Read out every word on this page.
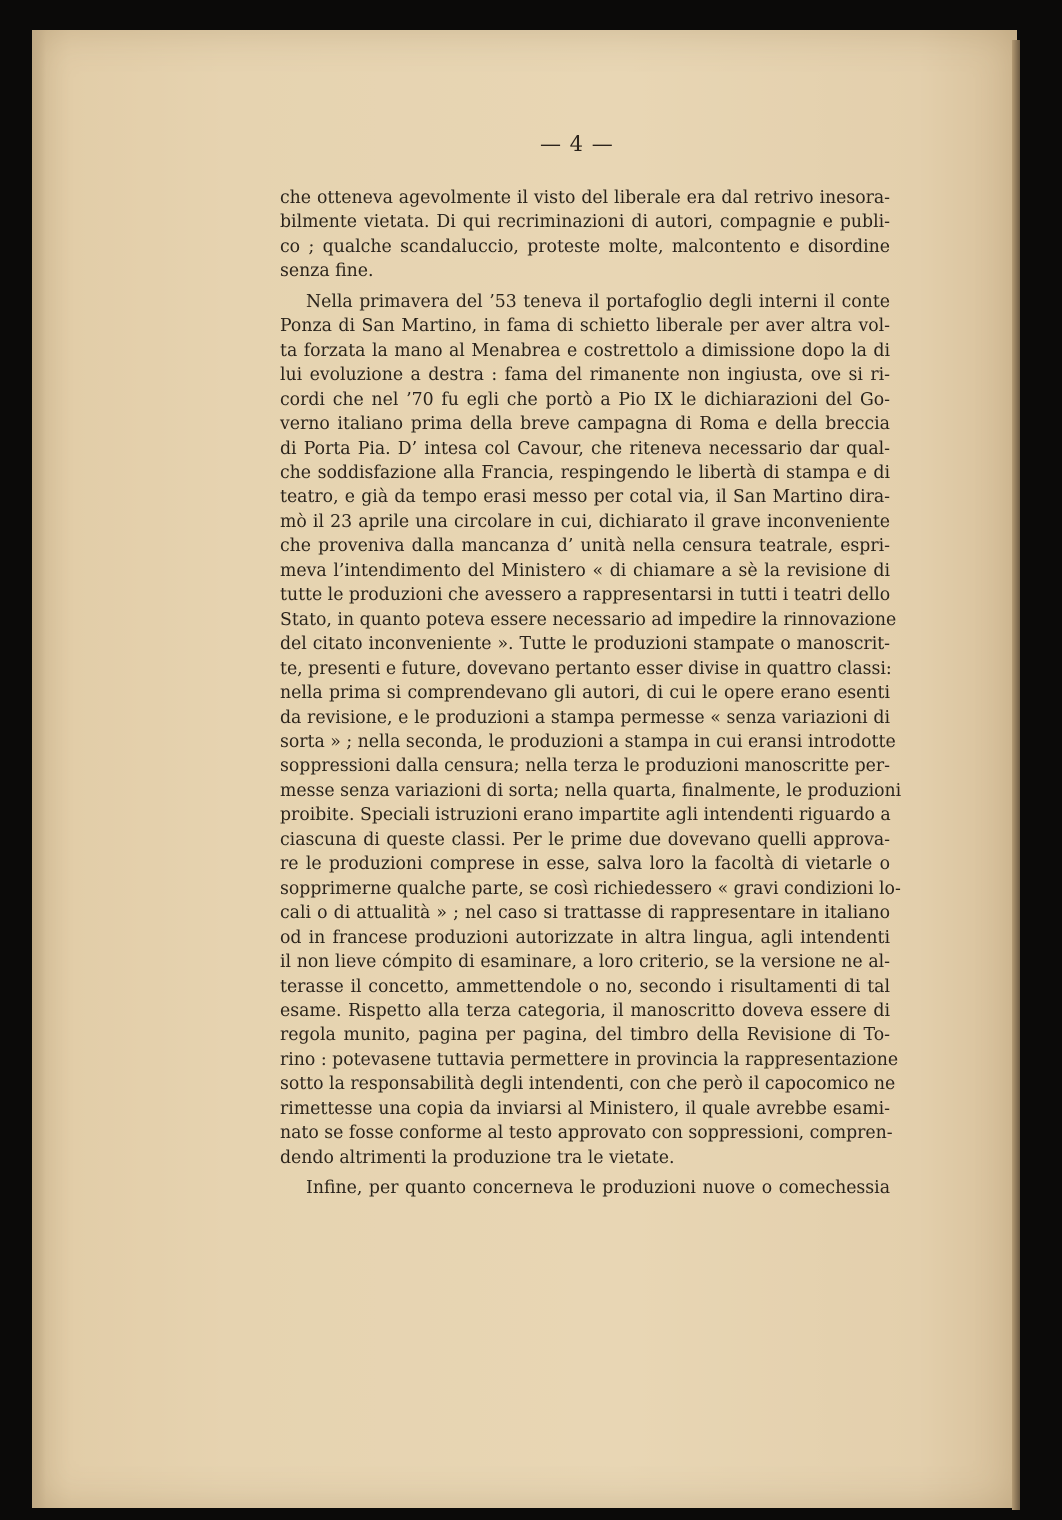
— 4 —
che otteneva agevolmente il visto del liberale era dal retrivo inesora-
bilmente vietata. Di qui recriminazioni di autori, compagnie e publi-
co ; qualche scandaluccio, proteste molte, malcontento e disordine
senza fine.
Nella primavera del ’53 teneva il portafoglio degli interni il conte
Ponza di San Martino, in fama di schietto liberale per aver altra vol-
ta forzata la mano al Menabrea e costrettolo a dimissione dopo la di
lui evoluzione a destra : fama del rimanente non ingiusta, ove si ri-
cordi che nel ’70 fu egli che portò a Pio IX le dichiarazioni del Go-
verno italiano prima della breve campagna di Roma e della breccia
di Porta Pia. D’ intesa col Cavour, che riteneva necessario dar qual-
che soddisfazione alla Francia, respingendo le libertà di stampa e di
teatro, e già da tempo erasi messo per cotal via, il San Martino dira-
mò il 23 aprile una circolare in cui, dichiarato il grave inconveniente
che proveniva dalla mancanza d’ unità nella censura teatrale, espri-
meva l’intendimento del Ministero « di chiamare a sè la revisione di
tutte le produzioni che avessero a rappresentarsi in tutti i teatri dello
Stato, in quanto poteva essere necessario ad impedire la rinnovazione
del citato inconveniente ». Tutte le produzioni stampate o manoscrit-
te, presenti e future, dovevano pertanto esser divise in quattro classi:
nella prima si comprendevano gli autori, di cui le opere erano esenti
da revisione, e le produzioni a stampa permesse « senza variazioni di
sorta » ; nella seconda, le produzioni a stampa in cui eransi introdotte
soppressioni dalla censura; nella terza le produzioni manoscritte per-
messe senza variazioni di sorta; nella quarta, finalmente, le produzioni
proibite. Speciali istruzioni erano impartite agli intendenti riguardo a
ciascuna di queste classi. Per le prime due dovevano quelli approva-
re le produzioni comprese in esse, salva loro la facoltà di vietarle o
sopprimerne qualche parte, se così richiedessero « gravi condizioni lo-
cali o di attualità » ; nel caso si trattasse di rappresentare in italiano
od in francese produzioni autorizzate in altra lingua, agli intendenti
il non lieve cómpito di esaminare, a loro criterio, se la versione ne al-
terasse il concetto, ammettendole o no, secondo i risultamenti di tal
esame. Rispetto alla terza categoria, il manoscritto doveva essere di
regola munito, pagina per pagina, del timbro della Revisione di To-
rino : potevasene tuttavia permettere in provincia la rappresentazione
sotto la responsabilità degli intendenti, con che però il capocomico ne
rimettesse una copia da inviarsi al Ministero, il quale avrebbe esami-
nato se fosse conforme al testo approvato con soppressioni, compren-
dendo altrimenti la produzione tra le vietate.
Infine, per quanto concerneva le produzioni nuove o comechessia
